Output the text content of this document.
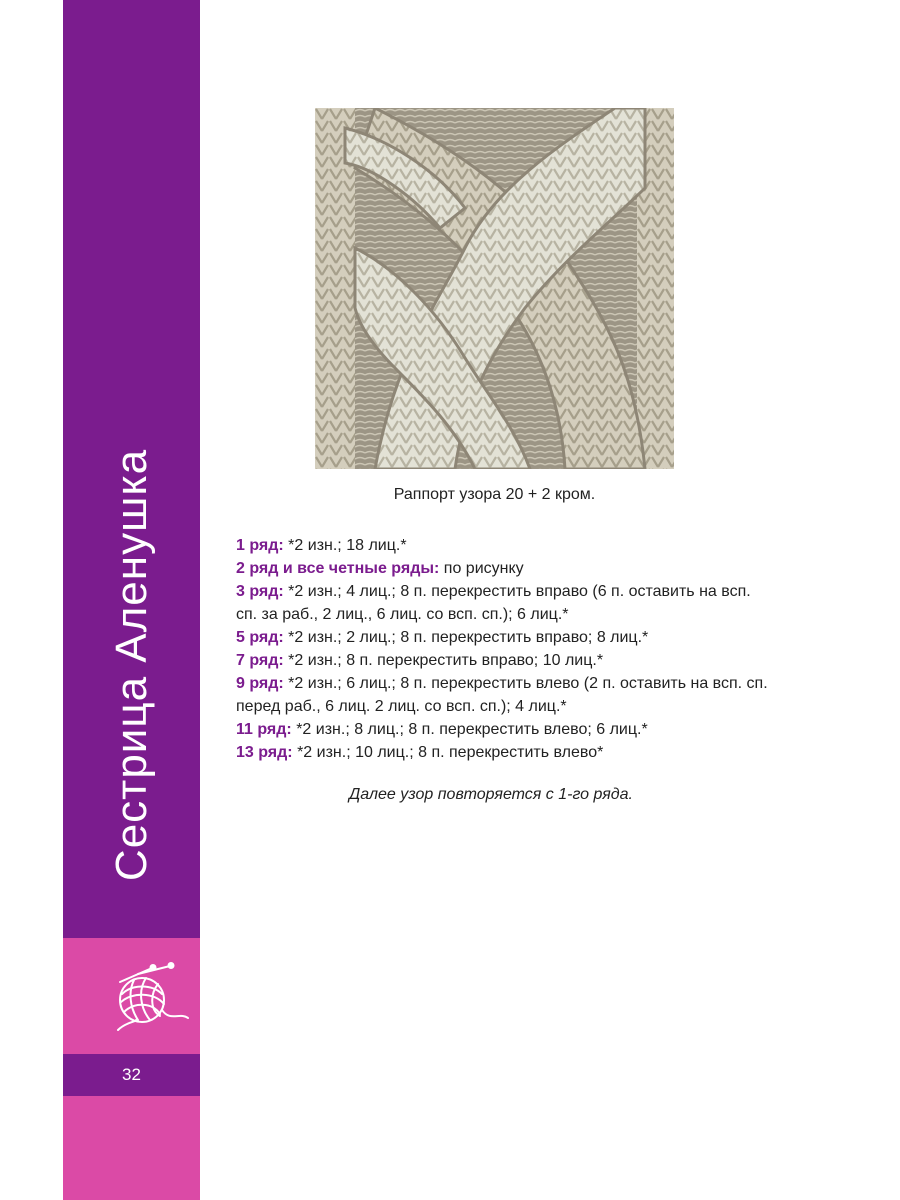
Сестрица Аленушка
32
Раппорт узора 20 + 2 кром.

1 ряд: *2 изн.; 18 лиц.*

2 ряд и все четные ряды: по рисунку

3 ряд: *2 изн.; 4 лиц.; 8 п. перекрестить вправо (6 п. оставить на всп. сп. за раб., 2 лиц., 6 лиц. со всп. сп.); 6 лиц.*

5 ряд: *2 изн.; 2 лиц.; 8 п. перекрестить вправо; 8 лиц.*

7 ряд: *2 изн.; 8 п. перекрестить вправо; 10 лиц.*

9 ряд: *2 изн.; 6 лиц.; 8 п. перекрестить влево (2 п. оставить на всп. сп. перед раб., 6 лиц. 2 лиц. со всп. сп.); 4 лиц.*

11 ряд: *2 изн.; 8 лиц.; 8 п. перекрестить влево; 6 лиц.*

13 ряд: *2 изн.; 10 лиц.; 8 п. перекрестить влево*

Далее узор повторяется с 1-го ряда.
